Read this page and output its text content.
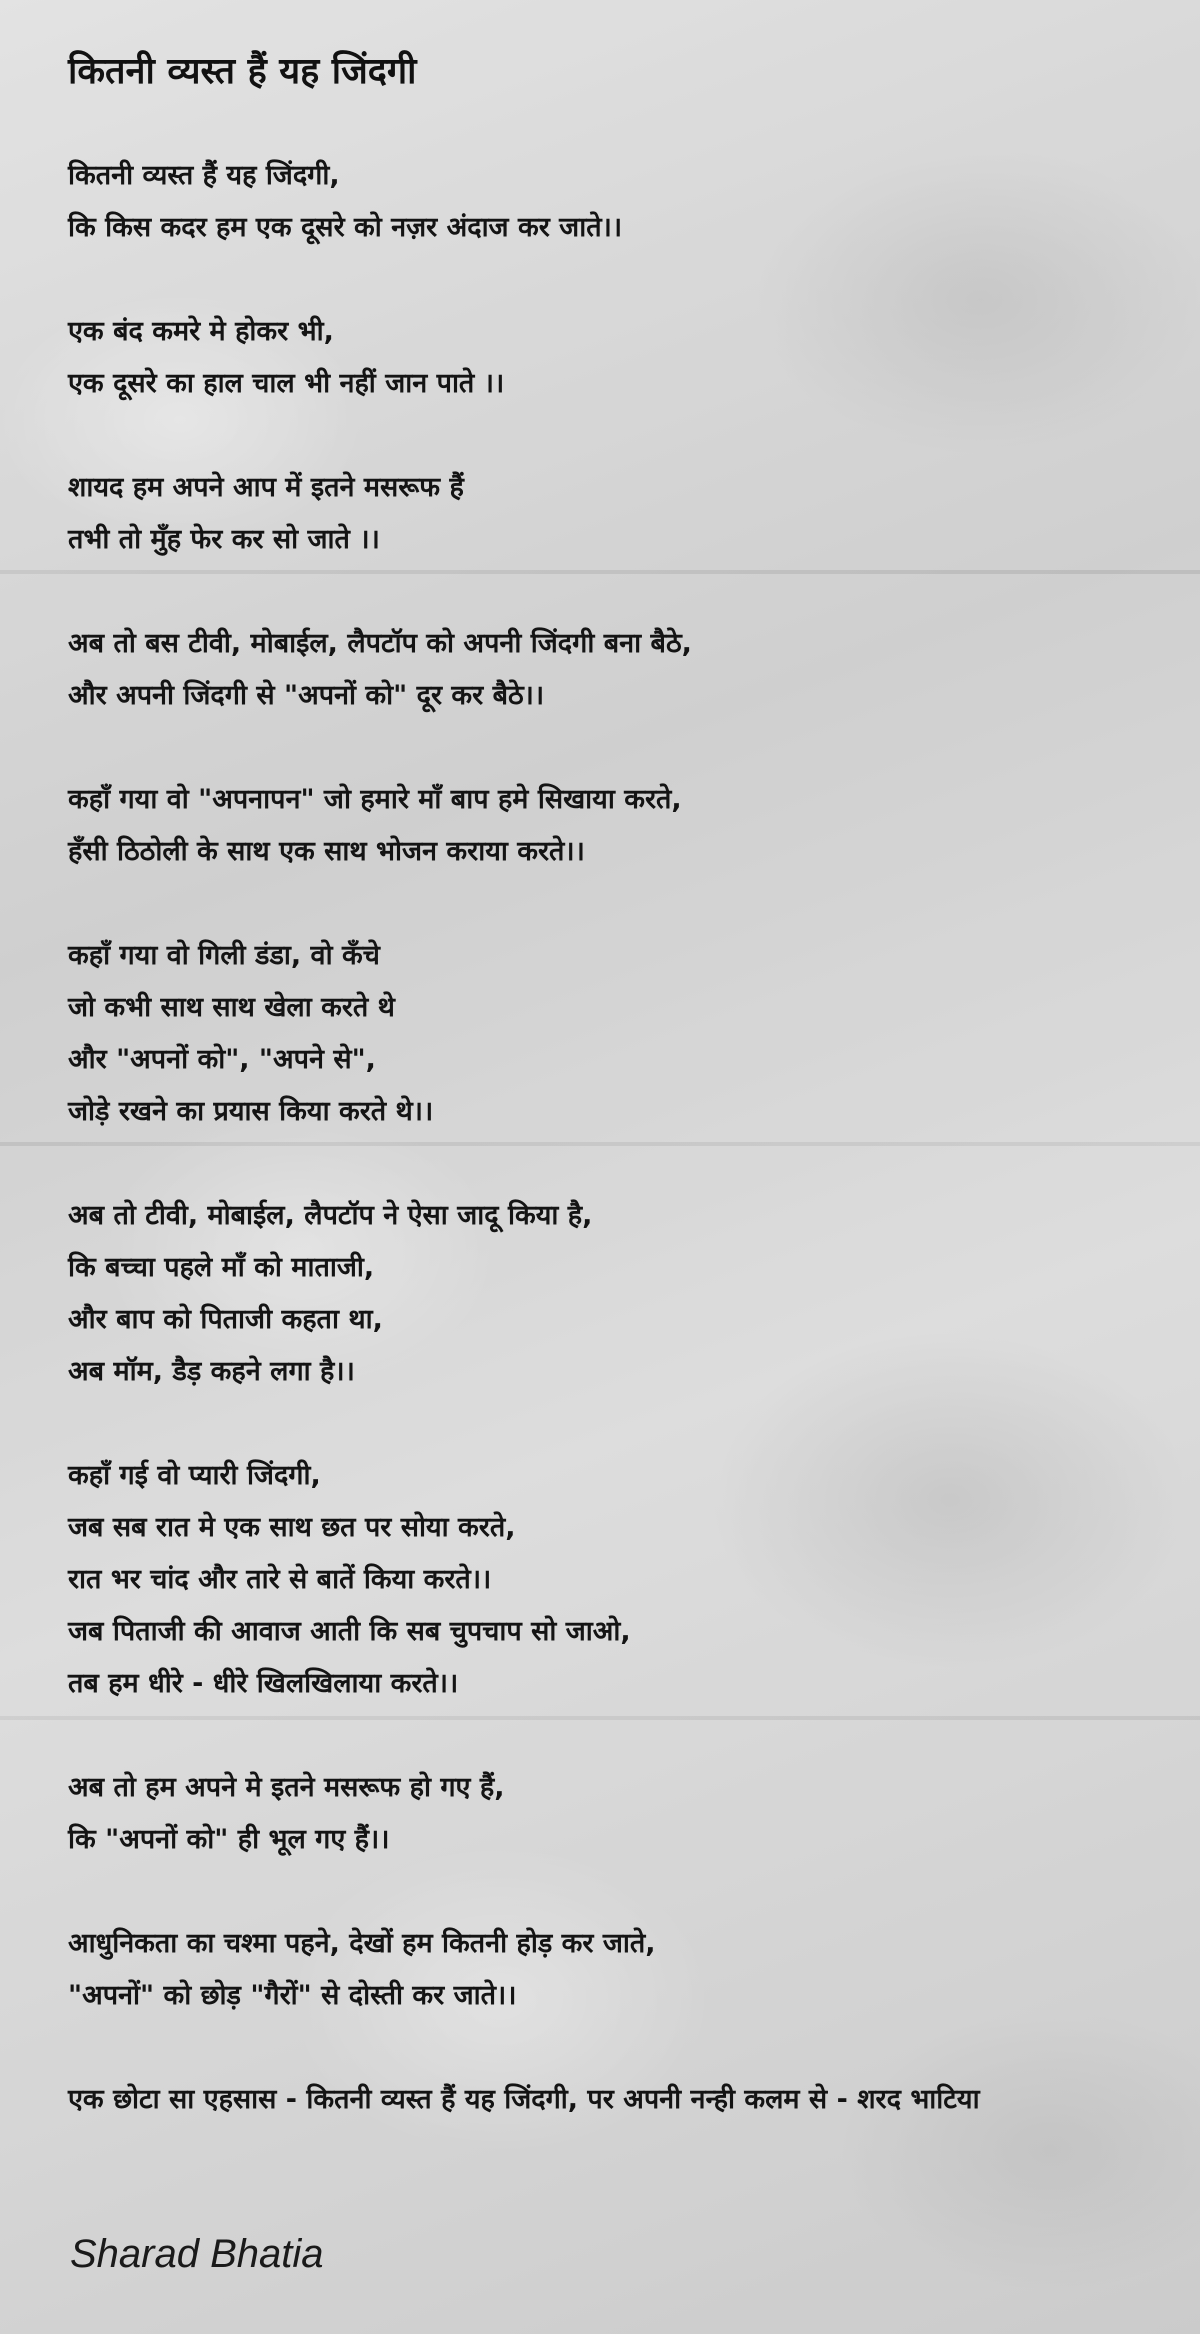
कितनी व्यस्त हैं यह जिंदगी
कितनी व्यस्त हैं यह जिंदगी,
कि किस कदर हम एक दूसरे को नज़र अंदाज कर जाते।।
एक बंद कमरे मे होकर भी,
एक दूसरे का हाल चाल भी नहीं जान पाते ।।
शायद हम अपने आप में इतने मसरूफ हैं
तभी तो मुँह फेर कर सो जाते ।।
अब तो बस टीवी, मोबाईल, लैपटॉप को अपनी जिंदगी बना बैठे,
और अपनी जिंदगी से "अपनों को" दूर कर बैठे।।
कहाँ गया वो "अपनापन" जो हमारे माँ बाप हमे सिखाया करते,
हँसी ठिठोली के साथ एक साथ भोजन कराया करते।।
कहाँ गया वो गिली डंडा, वो कँचे
जो कभी साथ साथ खेला करते थे
और "अपनों को", "अपने से",
जोड़े रखने का प्रयास किया करते थे।।
अब तो टीवी, मोबाईल, लैपटॉप ने ऐसा जादू किया है,
कि बच्चा पहले माँ को माताजी,
और बाप को पिताजी कहता था,
अब मॉम, डैड़ कहने लगा है।।
कहाँ गई वो प्यारी जिंदगी,
जब सब रात मे एक साथ छत पर सोया करते,
रात भर चांद और तारे से बातें किया करते।।
जब पिताजी की आवाज आती कि सब चुपचाप सो जाओ,
तब हम धीरे - धीरे खिलखिलाया करते।।
अब तो हम अपने मे इतने मसरूफ हो गए हैं,
कि "अपनों को" ही भूल गए हैं।।
आधुनिकता का चश्मा पहने, देखों हम कितनी होड़ कर जाते,
"अपनों" को छोड़ "गैरों" से दोस्ती कर जाते।।
एक छोटा सा एहसास - कितनी व्यस्त हैं यह जिंदगी, पर अपनी नन्ही कलम से - शरद भाटिया
Sharad Bhatia
